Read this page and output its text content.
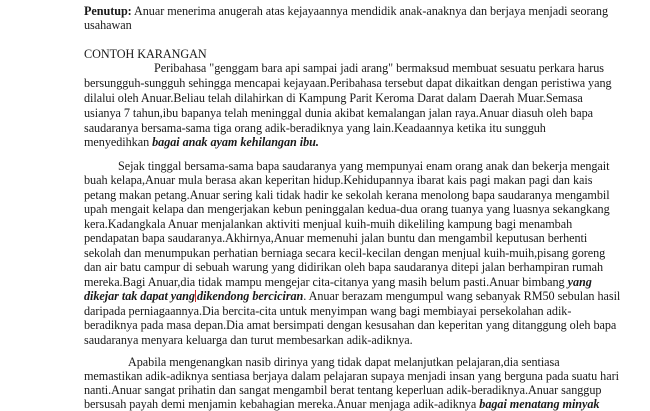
Penutup: Anuar menerima anugerah atas kejayaannya mendidik anak-anaknya dan berjaya menjadi seorang
usahawan
CONTOH KARANGAN
Peribahasa "genggam bara api sampai jadi arang" bermaksud membuat sesuatu perkara harus
bersungguh-sungguh sehingga mencapai kejayaan.Peribahasa tersebut dapat dikaitkan dengan peristiwa yang
dilalui oleh Anuar.Beliau telah dilahirkan di Kampung Parit Keroma Darat dalam Daerah Muar.Semasa
usianya 7 tahun,ibu bapanya telah meninggal dunia akibat kemalangan jalan raya.Anuar diasuh oleh bapa
saudaranya bersama-sama tiga orang adik-beradiknya yang lain.Keadaannya ketika itu sungguh
menyedihkan bagai anak ayam kehilangan ibu.
Sejak tinggal bersama-sama bapa saudaranya yang mempunyai enam orang anak dan bekerja mengait
buah kelapa,Anuar mula berasa akan keperitan hidup.Kehidupannya ibarat kais pagi makan pagi dan kais
petang makan petang.Anuar sering kali tidak hadir ke sekolah kerana menolong bapa saudaranya mengambil
upah mengait kelapa dan mengerjakan kebun peninggalan kedua-dua orang tuanya yang luasnya sekangkang
kera.Kadangkala Anuar menjalankan aktiviti menjual kuih-muih dikeliling kampung bagi menambah
pendapatan bapa saudaranya.Akhirnya,Anuar memenuhi jalan buntu dan mengambil keputusan berhenti
sekolah dan menumpukan perhatian berniaga secara kecil-kecilan dengan menjual kuih-muih,pisang goreng
dan air batu campur di sebuah warung yang didirikan oleh bapa saudaranya ditepi jalan berhampiran rumah
mereka.Bagi Anuar,dia tidak mampu mengejar cita-citanya yang masih belum pasti.Anuar bimbang yang
dikejar tak dapat yang dikendong berciciran. Anuar berazam mengumpul wang sebanyak RM50 sebulan hasil
daripada perniagaannya.Dia bercita-cita untuk menyimpan wang bagi membiayai persekolahan adik-
beradiknya pada masa depan.Dia amat bersimpati dengan kesusahan dan keperitan yang ditanggung oleh bapa
saudaranya menyara keluarga dan turut membesarkan adik-adiknya.
Apabila mengenangkan nasib dirinya yang tidak dapat melanjutkan pelajaran,dia sentiasa
memastikan adik-adiknya sentiasa berjaya dalam pelajaran supaya menjadi insan yang berguna pada suatu hari
nanti.Anuar sangat prihatin dan sangat mengambil berat tentang keperluan adik-beradiknya.Anuar sanggup
bersusah payah demi menjamin kebahagian mereka.Anuar menjaga adik-adiknya bagai menatang minyak
